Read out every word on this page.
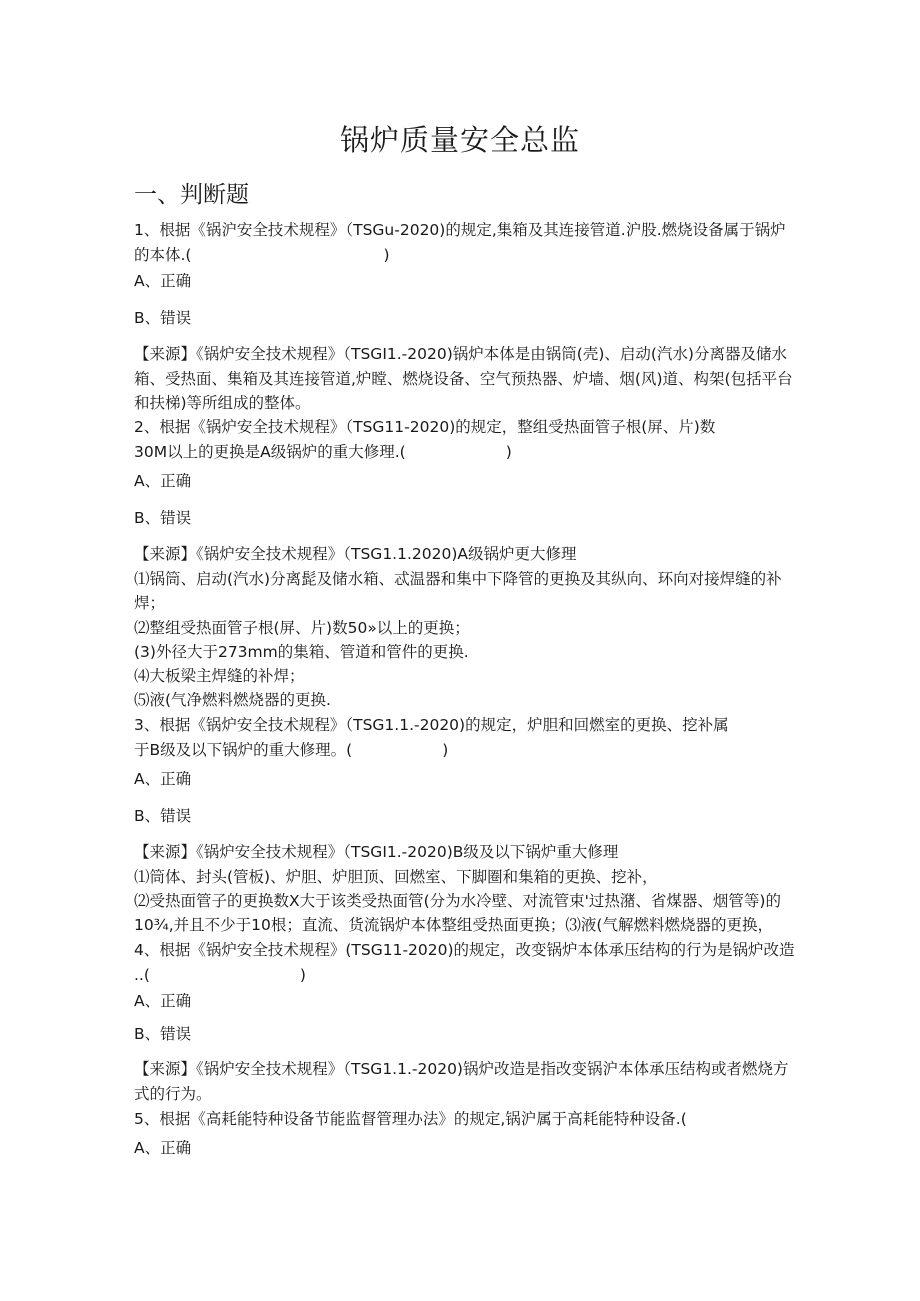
锅炉质量安全总监
一、判断题
1、根据《锅沪安全技术规程》（TSGu-2020)的规定,集箱及其连接管道.沪股.燃烧设备属于锅炉
的本体.(	)
A、正确
B、错误
【来源】《锅炉安全技术规程》（TSGI1.-2020)锅炉本体是由锅筒(壳)、启动(汽水)分离器及储水
箱、受热面、集箱及其连接管道,炉瞠、燃烧设备、空气预热器、炉墙、烟(风)道、构架(包括平台
和扶梯)等所组成的整体。
2、根据《锅炉安全技术规程》（TSG11-2020)的规定，整组受热面管子根(屏、片)数
30M以上的更换是A级锅炉的重大修理.(	)
A、正确
B、错误
【来源】《锅炉安全技术规程》（TSG1.1.2020)A级锅炉更大修理
⑴锅筒、启动(汽水)分离髭及储水箱、忒温器和集中下降管的更换及其纵向、环向对接焊缝的补
焊；
⑵整组受热面管子根(屏、片)数50»以上的更换；
(3)外径大于273mm的集箱、管道和管件的更换.
⑷大板梁主焊缝的补焊；
⑸液(气净燃料燃烧器的更换.
3、根据《锅炉安全技术规程》（TSG1.1.-2020)的规定，炉胆和回燃室的更换、挖补属
于B级及以下锅炉的重大修理。(	)
A、正确
B、错误
【来源】《锅炉安全技术规程》（TSGI1.-2020)B级及以下锅炉重大修理
⑴筒体、封头(管板)、炉胆、炉胆顶、回燃室、下脚圈和集箱的更换、挖补，
⑵受热面管子的更换数X大于该类受热面管(分为水冷壁、对流管束'过热潴、省煤器、烟管等)的
10¾,并且不少于10根；直流、货流锅炉本体整组受热面更换；⑶液(气解燃料燃烧器的更换，
4、根据《锅炉安全技术规程》(TSG11-2020)的规定，改变锅炉本体承压结构的行为是锅炉改造
..(	)
A、正确
B、错误
【来源】《锅炉安全技术规程》（TSG1.1.-2020)锅炉改造是指改变锅沪本体承压结构或者燃烧方
式的行为。
5、根据《高耗能特种设备节能监督管理办法》的规定,锅沪属于高耗能特种设备.(
A、正确
